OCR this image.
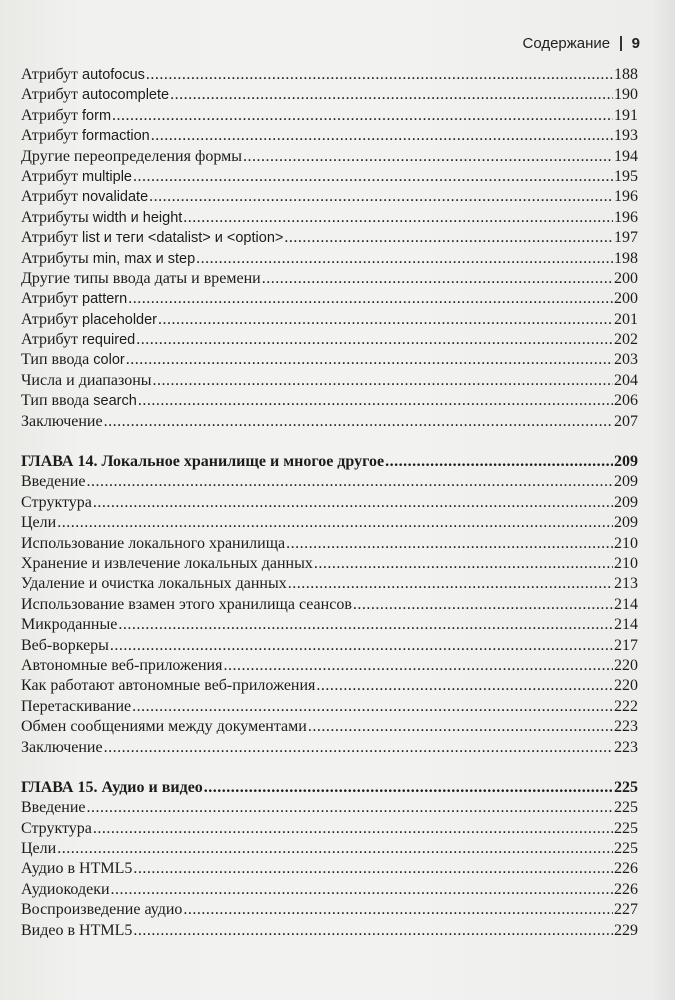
Содержание 9
Атрибут autofocus .....	188
Атрибут autocomplete .....	190
Атрибут form .....	191
Атрибут formaction .....	193
Другие переопределения формы .....	194
Атрибут multiple .....	195
Атрибут novalidate .....	196
Атрибуты width и height .....	196
Атрибут list и теги <datalist> и <option> .....	197
Атрибуты min, max и step .....	198
Другие типы ввода даты и времени .....	200
Атрибут pattern .....	200
Атрибут placeholder .....	201
Атрибут required .....	202
Тип ввода color .....	203
Числа и диапазоны .....	204
Тип ввода search .....	206
Заключение .....	207
ГЛАВА 14. Локальное хранилище и многое другое .....	209
Введение .....	209
Структура .....	209
Цели .....	209
Использование локального хранилища .....	210
Хранение и извлечение локальных данных .....	210
Удаление и очистка локальных данных .....	213
Использование взамен этого хранилища сеансов .....	214
Микроданные .....	214
Веб-воркеры .....	217
Автономные веб-приложения .....	220
Как работают автономные веб-приложения .....	220
Перетаскивание .....	222
Обмен сообщениями между документами .....	223
Заключение .....	223
ГЛАВА 15. Аудио и видео .....	225
Введение .....	225
Структура .....	225
Цели .....	225
Аудио в HTML5 .....	226
Аудиокодеки .....	226
Воспроизведение аудио .....	227
Видео в HTML5 .....	229
